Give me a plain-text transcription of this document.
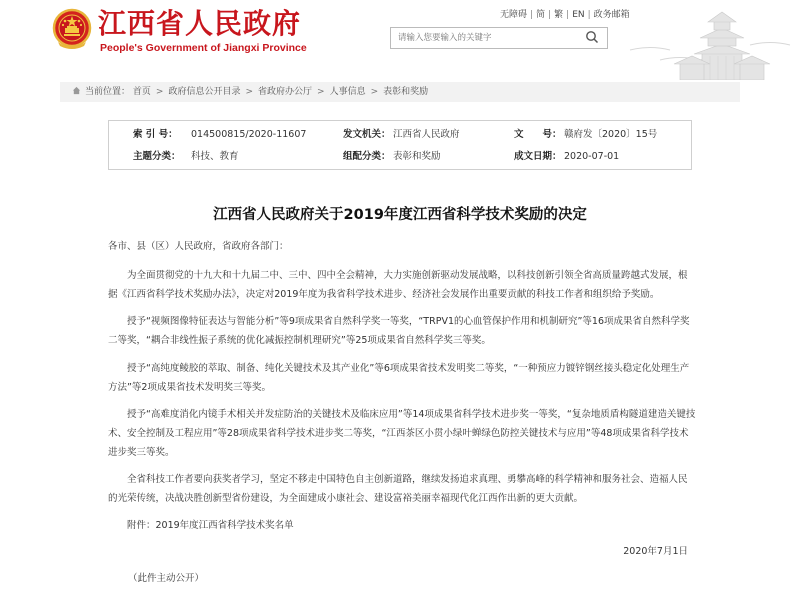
江西省人民政府
People's Government of Jiangxi Province
无障碍 | 简 | 繁 | EN | 政务邮箱
请输入您要输入的关键字
当前位置： 首页 > 政府信息公开目录 > 省政府办公厅 > 人事信息 > 表彰和奖励
索 引 号： 014500815/2020-11607	发文机关： 江西省人民政府	文　　号： 赣府发〔2020〕15号
主题分类： 科技、教育	组配分类： 表彰和奖励	成文日期： 2020-07-01
江西省人民政府关于2019年度江西省科学技术奖励的决定
各市、县（区）人民政府，省政府各部门：
为全面贯彻党的十九大和十九届二中、三中、四中全会精神，大力实施创新驱动发展战略，以科技创新引领全省高质量跨越式发展，根据《江西省科学技术奖励办法》，决定对2019年度为我省科学技术进步、经济社会发展作出重要贡献的科技工作者和组织给予奖励。
授予“视频图像特征表达与智能分析”等9项成果省自然科学奖一等奖，“TRPV1的心血管保护作用和机制研究”等16项成果省自然科学奖二等奖，“耦合非线性振子系统的优化减振控制机理研究”等25项成果省自然科学奖三等奖。
授予“高纯度鲮胶的萃取、制备、纯化关键技术及其产业化”等6项成果省技术发明奖二等奖，“一种预应力镀锌钢丝接头稳定化处理生产方法”等2项成果省技术发明奖三等奖。
授予“高难度消化内镜手术相关并发症防治的关键技术及临床应用”等14项成果省科学技术进步奖一等奖，“复杂地质盾构隧道建造关键技术、安全控制及工程应用”等28项成果省科学技术进步奖二等奖，“江西茶区小贯小绿叶蝉绿色防控关键技术与应用”等48项成果省科学技术进步奖三等奖。
全省科技工作者要向获奖者学习，坚定不移走中国特色自主创新道路，继续发扬追求真理、勇攀高峰的科学精神和服务社会、造福人民的光荣传统，决战决胜创新型省份建设，为全面建成小康社会、建设富裕美丽幸福现代化江西作出新的更大贡献。
附件：2019年度江西省科学技术奖名单
2020年7月1日
（此件主动公开）
